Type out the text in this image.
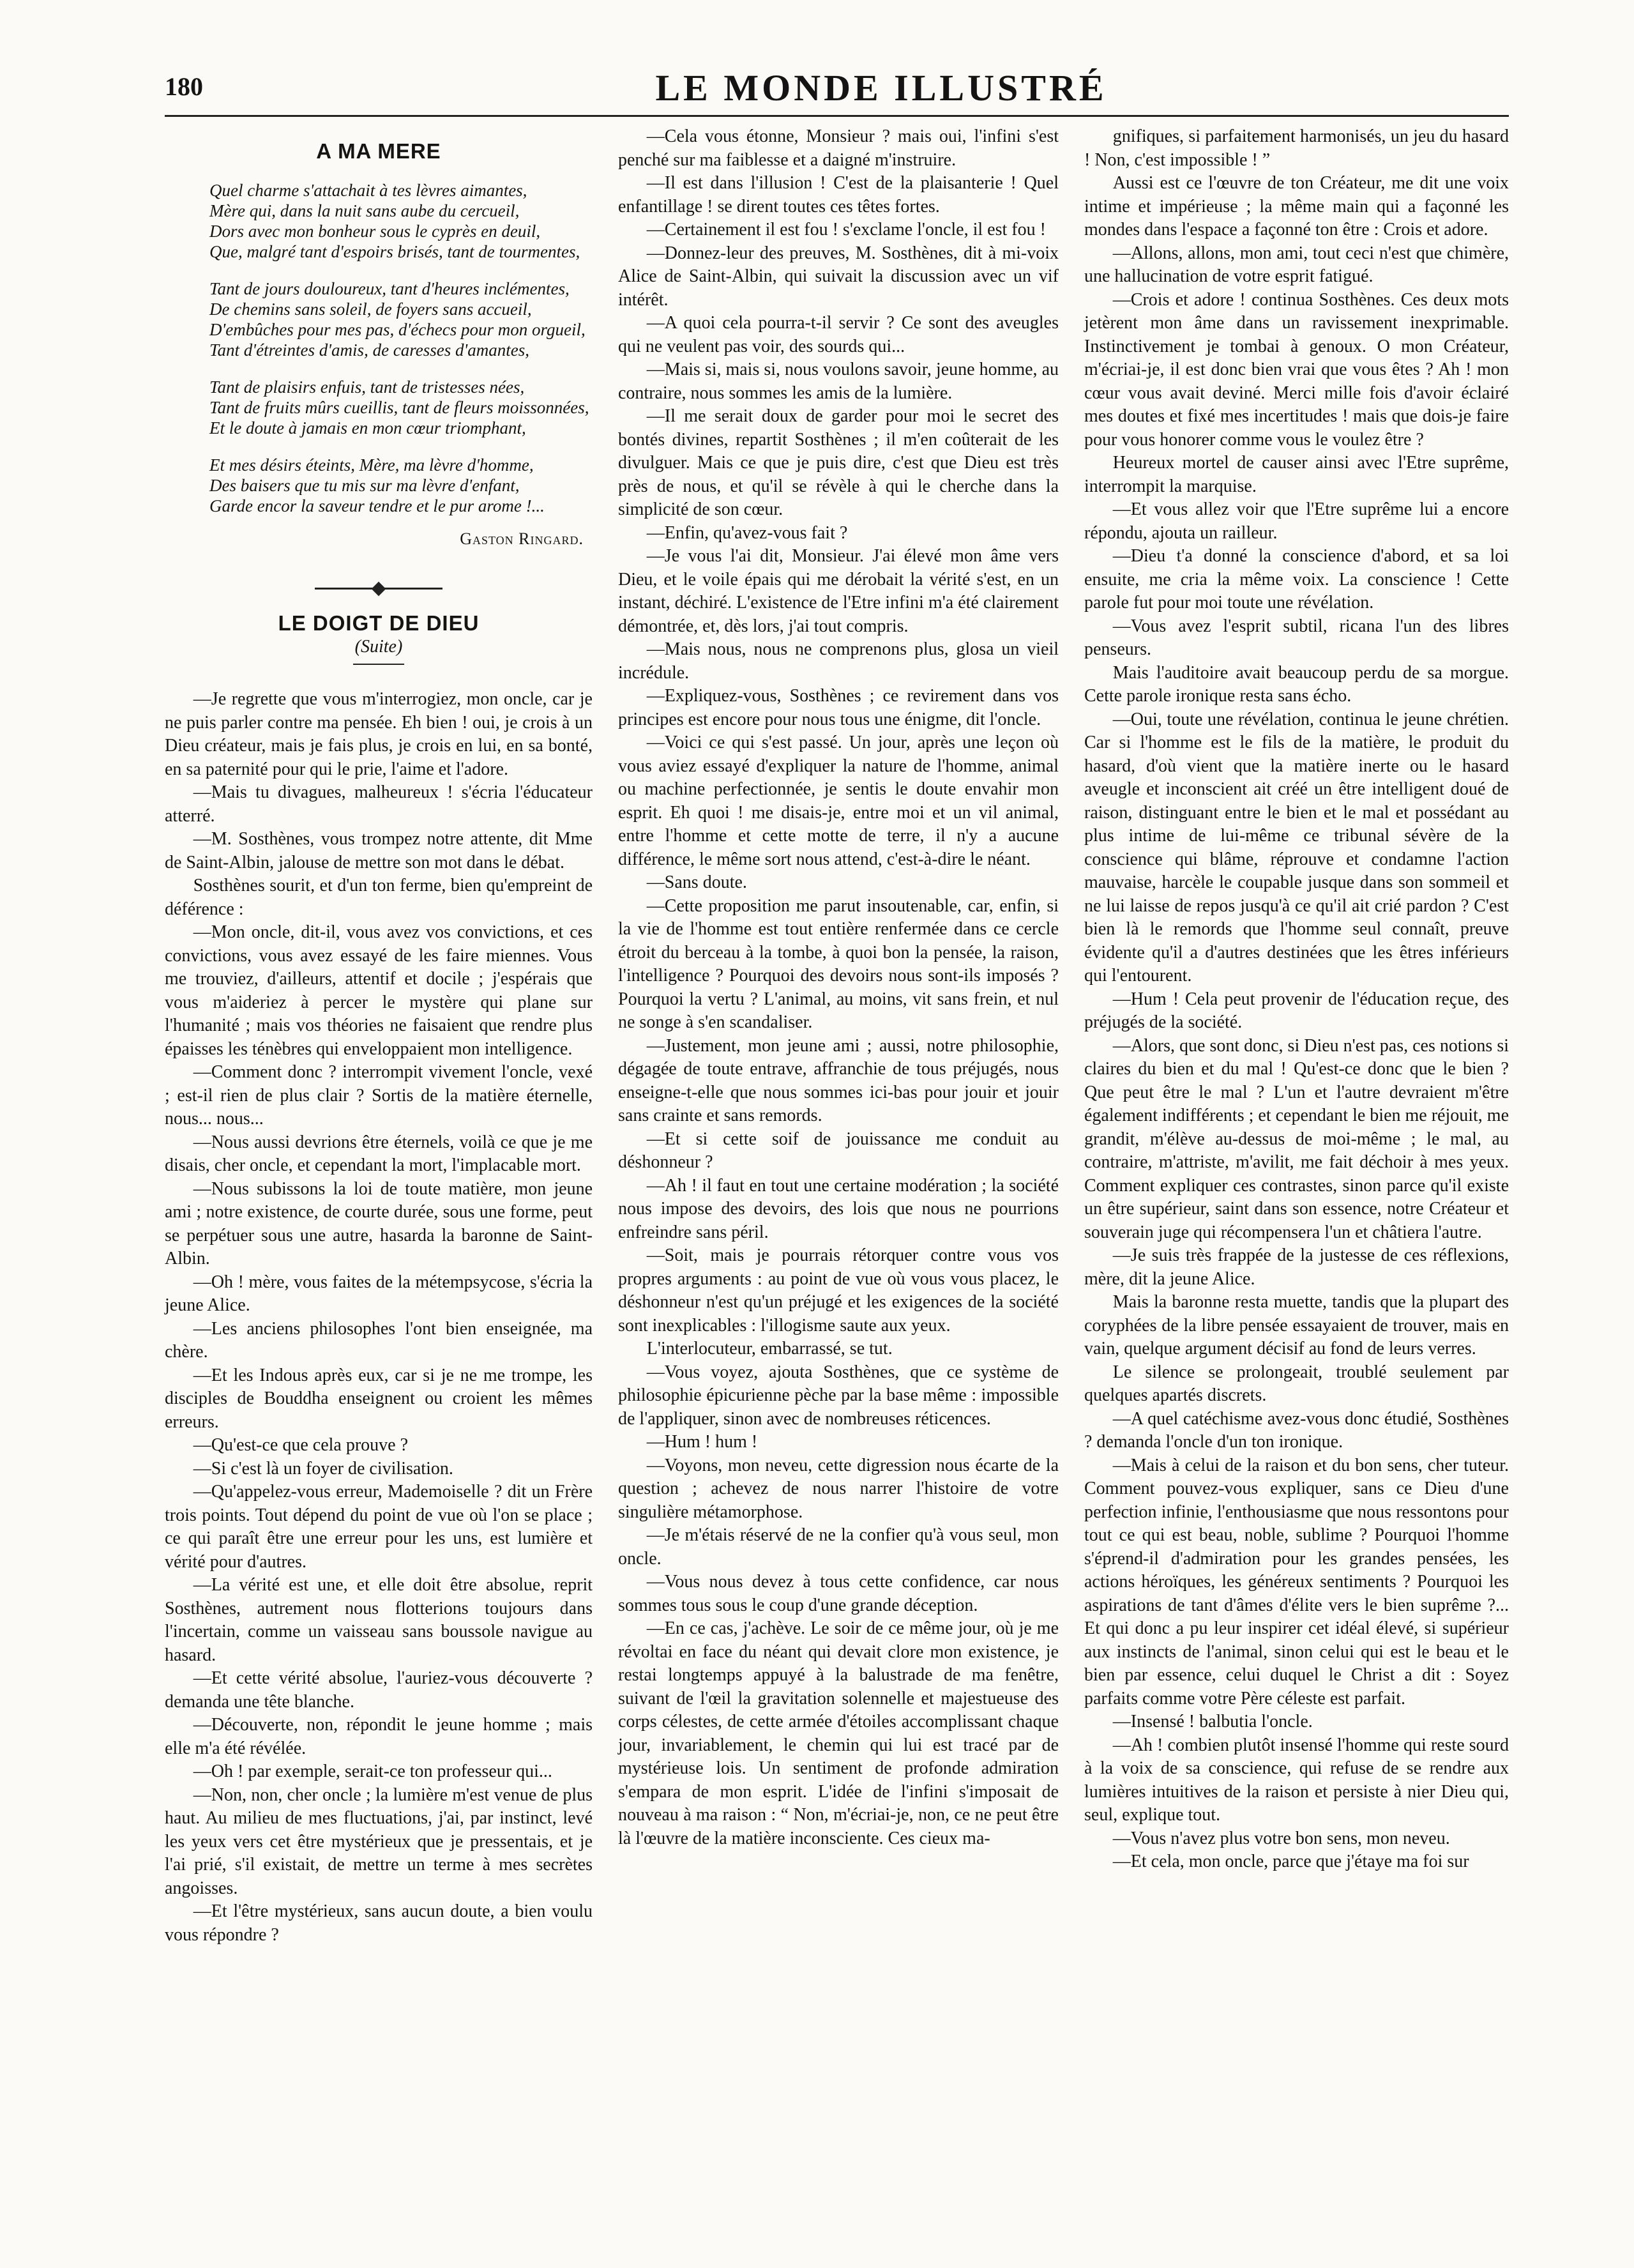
180	LE MONDE ILLUSTRÉ
A MA MERE
Quel charme s'attachait à tes lèvres aimantes,
Mère qui, dans la nuit sans aube du cercueil,
Dors avec mon bonheur sous le cyprès en deuil,
Que, malgré tant d'espoirs brisés, tant de tourmentes,
Tant de jours douloureux, tant d'heures inclémentes,
De chemins sans soleil, de foyers sans accueil,
D'embûches pour mes pas, d'échecs pour mon orgueil,
Tant d'étreintes d'amis, de caresses d'amantes,
Tant de plaisirs enfuis, tant de tristesses nées,
Tant de fruits mûrs cueillis, tant de fleurs moissonnées,
Et le doute à jamais en mon cœur triomphant,
Et mes désirs éteints, Mère, ma lèvre d'homme,
Des baisers que tu mis sur ma lèvre d'enfant,
Garde encor la saveur tendre et le pur arome !...
Gaston Ringard.
LE DOIGT DE DIEU
(Suite)

—Je regrette que vous m'interrogiez, mon oncle, car je ne puis parler contre ma pensée. Eh bien ! oui, je crois à un Dieu créateur, mais je fais plus, je crois en lui, en sa bonté, en sa paternité pour qui le prie, l'aime et l'adore.

—Mais tu divagues, malheureux ! s'écria l'éducateur atterré.

—M. Sosthènes, vous trompez notre attente, dit Mme de Saint-Albin, jalouse de mettre son mot dans le débat.

Sosthènes sourit, et d'un ton ferme, bien qu'empreint de déférence :

—Mon oncle, dit-il, vous avez vos convictions, et ces convictions, vous avez essayé de les faire miennes. Vous me trouviez, d'ailleurs, attentif et docile ; j'espérais que vous m'aideriez à percer le mystère qui plane sur l'humanité ; mais vos théories ne faisaient que rendre plus épaisses les ténèbres qui enveloppaient mon intelligence.

—Comment donc ? interrompit vivement l'oncle, vexé ; est-il rien de plus clair ? Sortis de la matière éternelle, nous... nous...

—Nous aussi devrions être éternels, voilà ce que je me disais, cher oncle, et cependant la mort, l'implacable mort.

—Nous subissons la loi de toute matière, mon jeune ami ; notre existence, de courte durée, sous une forme, peut se perpétuer sous une autre, hasarda la baronne de Saint-Albin.

—Oh ! mère, vous faites de la métempsycose, s'écria la jeune Alice.

—Les anciens philosophes l'ont bien enseignée, ma chère.

—Et les Indous après eux, car si je ne me trompe, les disciples de Bouddha enseignent ou croient les mêmes erreurs.

—Qu'est-ce que cela prouve ?

—Si c'est là un foyer de civilisation.

—Qu'appelez-vous erreur, Mademoiselle ? dit un Frère trois points. Tout dépend du point de vue où l'on se place ; ce qui paraît être une erreur pour les uns, est lumière et vérité pour d'autres.

—La vérité est une, et elle doit être absolue, reprit Sosthènes, autrement nous flotterions toujours dans l'incertain, comme un vaisseau sans boussole navigue au hasard.

—Et cette vérité absolue, l'auriez-vous découverte ? demanda une tête blanche.

—Découverte, non, répondit le jeune homme ; mais elle m'a été révélée.

—Oh ! par exemple, serait-ce ton professeur qui...

—Non, non, cher oncle ; la lumière m'est venue de plus haut. Au milieu de mes fluctuations, j'ai, par instinct, levé les yeux vers cet être mystérieux que je pressentais, et je l'ai prié, s'il existait, de mettre un terme à mes secrètes angoisses.

—Et l'être mystérieux, sans aucun doute, a bien voulu vous répondre ?

—Cela vous étonne, Monsieur ? mais oui, l'infini s'est penché sur ma faiblesse et a daigné m'instruire.

—Il est dans l'illusion ! C'est de la plaisanterie ! Quel enfantillage ! se dirent toutes ces têtes fortes.

—Certainement il est fou ! s'exclame l'oncle, il est fou !

—Donnez-leur des preuves, M. Sosthènes, dit à mi-voix Alice de Saint-Albin, qui suivait la discussion avec un vif intérêt.

—A quoi cela pourra-t-il servir ? Ce sont des aveugles qui ne veulent pas voir, des sourds qui...

—Mais si, mais si, nous voulons savoir, jeune homme, au contraire, nous sommes les amis de la lumière.

—Il me serait doux de garder pour moi le secret des bontés divines, repartit Sosthènes ; il m'en coûterait de les divulguer. Mais ce que je puis dire, c'est que Dieu est très près de nous, et qu'il se révèle à qui le cherche dans la simplicité de son cœur.

—Enfin, qu'avez-vous fait ?

—Je vous l'ai dit, Monsieur. J'ai élevé mon âme vers Dieu, et le voile épais qui me dérobait la vérité s'est, en un instant, déchiré. L'existence de l'Etre infini m'a été clairement démontrée, et, dès lors, j'ai tout compris.

—Mais nous, nous ne comprenons plus, glosa un vieil incrédule.

—Expliquez-vous, Sosthènes ; ce revirement dans vos principes est encore pour nous tous une énigme, dit l'oncle.

—Voici ce qui s'est passé. Un jour, après une leçon où vous aviez essayé d'expliquer la nature de l'homme, animal ou machine perfectionnée, je sentis le doute envahir mon esprit. Eh quoi ! me disais-je, entre moi et un vil animal, entre l'homme et cette motte de terre, il n'y a aucune différence, le même sort nous attend, c'est-à-dire le néant.

—Sans doute.

—Cette proposition me parut insoutenable, car, enfin, si la vie de l'homme est tout entière renfermée dans ce cercle étroit du berceau à la tombe, à quoi bon la pensée, la raison, l'intelligence ? Pourquoi des devoirs nous sont-ils imposés ? Pourquoi la vertu ? L'animal, au moins, vit sans frein, et nul ne songe à s'en scandaliser.

—Justement, mon jeune ami ; aussi, notre philosophie, dégagée de toute entrave, affranchie de tous préjugés, nous enseigne-t-elle que nous sommes ici-bas pour jouir et jouir sans crainte et sans remords.

—Et si cette soif de jouissance me conduit au déshonneur ?

—Ah ! il faut en tout une certaine modération ; la société nous impose des devoirs, des lois que nous ne pourrions enfreindre sans péril.

—Soit, mais je pourrais rétorquer contre vous vos propres arguments : au point de vue où vous vous placez, le déshonneur n'est qu'un préjugé et les exigences de la société sont inexplicables : l'illogisme saute aux yeux.

L'interlocuteur, embarrassé, se tut.

—Vous voyez, ajouta Sosthènes, que ce système de philosophie épicurienne pèche par la base même : impossible de l'appliquer, sinon avec de nombreuses réticences.

—Hum ! hum !

—Voyons, mon neveu, cette digression nous écarte de la question ; achevez de nous narrer l'histoire de votre singulière métamorphose.

—Je m'étais réservé de ne la confier qu'à vous seul, mon oncle.

—Vous nous devez à tous cette confidence, car nous sommes tous sous le coup d'une grande déception.

—En ce cas, j'achève. Le soir de ce même jour, où je me révoltai en face du néant qui devait clore mon existence, je restai longtemps appuyé à la balustrade de ma fenêtre, suivant de l'œil la gravitation solennelle et majestueuse des corps célestes, de cette armée d'étoiles accomplissant chaque jour, invariablement, le chemin qui lui est tracé par de mystérieuse lois. Un sentiment de profonde admiration s'empara de mon esprit. L'idée de l'infini s'imposait de nouveau à ma raison : “ Non, m'écriai-je, non, ce ne peut être là l'œuvre de la matière inconsciente. Ces cieux ma-

gnifiques, si parfaitement harmonisés, un jeu du hasard ! Non, c'est impossible ! ”

Aussi est ce l'œuvre de ton Créateur, me dit une voix intime et impérieuse ; la même main qui a façonné les mondes dans l'espace a façonné ton être : Crois et adore.

—Allons, allons, mon ami, tout ceci n'est que chimère, une hallucination de votre esprit fatigué.

—Crois et adore ! continua Sosthènes. Ces deux mots jetèrent mon âme dans un ravissement inexprimable. Instinctivement je tombai à genoux. O mon Créateur, m'écriai-je, il est donc bien vrai que vous êtes ? Ah ! mon cœur vous avait deviné. Merci mille fois d'avoir éclairé mes doutes et fixé mes incertitudes ! mais que dois-je faire pour vous honorer comme vous le voulez être ?

Heureux mortel de causer ainsi avec l'Etre suprême, interrompit la marquise.

—Et vous allez voir que l'Etre suprême lui a encore répondu, ajouta un railleur.

—Dieu t'a donné la conscience d'abord, et sa loi ensuite, me cria la même voix. La conscience ! Cette parole fut pour moi toute une révélation.

—Vous avez l'esprit subtil, ricana l'un des libres penseurs.

Mais l'auditoire avait beaucoup perdu de sa morgue. Cette parole ironique resta sans écho.

—Oui, toute une révélation, continua le jeune chrétien. Car si l'homme est le fils de la matière, le produit du hasard, d'où vient que la matière inerte ou le hasard aveugle et inconscient ait créé un être intelligent doué de raison, distinguant entre le bien et le mal et possédant au plus intime de lui-même ce tribunal sévère de la conscience qui blâme, réprouve et condamne l'action mauvaise, harcèle le coupable jusque dans son sommeil et ne lui laisse de repos jusqu'à ce qu'il ait crié pardon ? C'est bien là le remords que l'homme seul connaît, preuve évidente qu'il a d'autres destinées que les êtres inférieurs qui l'entourent.

—Hum ! Cela peut provenir de l'éducation reçue, des préjugés de la société.

—Alors, que sont donc, si Dieu n'est pas, ces notions si claires du bien et du mal ! Qu'est-ce donc que le bien ? Que peut être le mal ? L'un et l'autre devraient m'être également indifférents ; et cependant le bien me réjouit, me grandit, m'élève au-dessus de moi-même ; le mal, au contraire, m'attriste, m'avilit, me fait déchoir à mes yeux. Comment expliquer ces contrastes, sinon parce qu'il existe un être supérieur, saint dans son essence, notre Créateur et souverain juge qui récompensera l'un et châtiera l'autre.

—Je suis très frappée de la justesse de ces réflexions, mère, dit la jeune Alice.

Mais la baronne resta muette, tandis que la plupart des coryphées de la libre pensée essayaient de trouver, mais en vain, quelque argument décisif au fond de leurs verres.

Le silence se prolongeait, troublé seulement par quelques apartés discrets.

—A quel catéchisme avez-vous donc étudié, Sosthènes ? demanda l'oncle d'un ton ironique.

—Mais à celui de la raison et du bon sens, cher tuteur. Comment pouvez-vous expliquer, sans ce Dieu d'une perfection infinie, l'enthousiasme que nous ressontons pour tout ce qui est beau, noble, sublime ? Pourquoi l'homme s'éprend-il d'admiration pour les grandes pensées, les actions héroïques, les généreux sentiments ? Pourquoi les aspirations de tant d'âmes d'élite vers le bien suprême ?... Et qui donc a pu leur inspirer cet idéal élevé, si supérieur aux instincts de l'animal, sinon celui qui est le beau et le bien par essence, celui duquel le Christ a dit : Soyez parfaits comme votre Père céleste est parfait.

—Insensé ! balbutia l'oncle.

—Ah ! combien plutôt insensé l'homme qui reste sourd à la voix de sa conscience, qui refuse de se rendre aux lumières intuitives de la raison et persiste à nier Dieu qui, seul, explique tout.

—Vous n'avez plus votre bon sens, mon neveu.

—Et cela, mon oncle, parce que j'étaye ma foi sur
